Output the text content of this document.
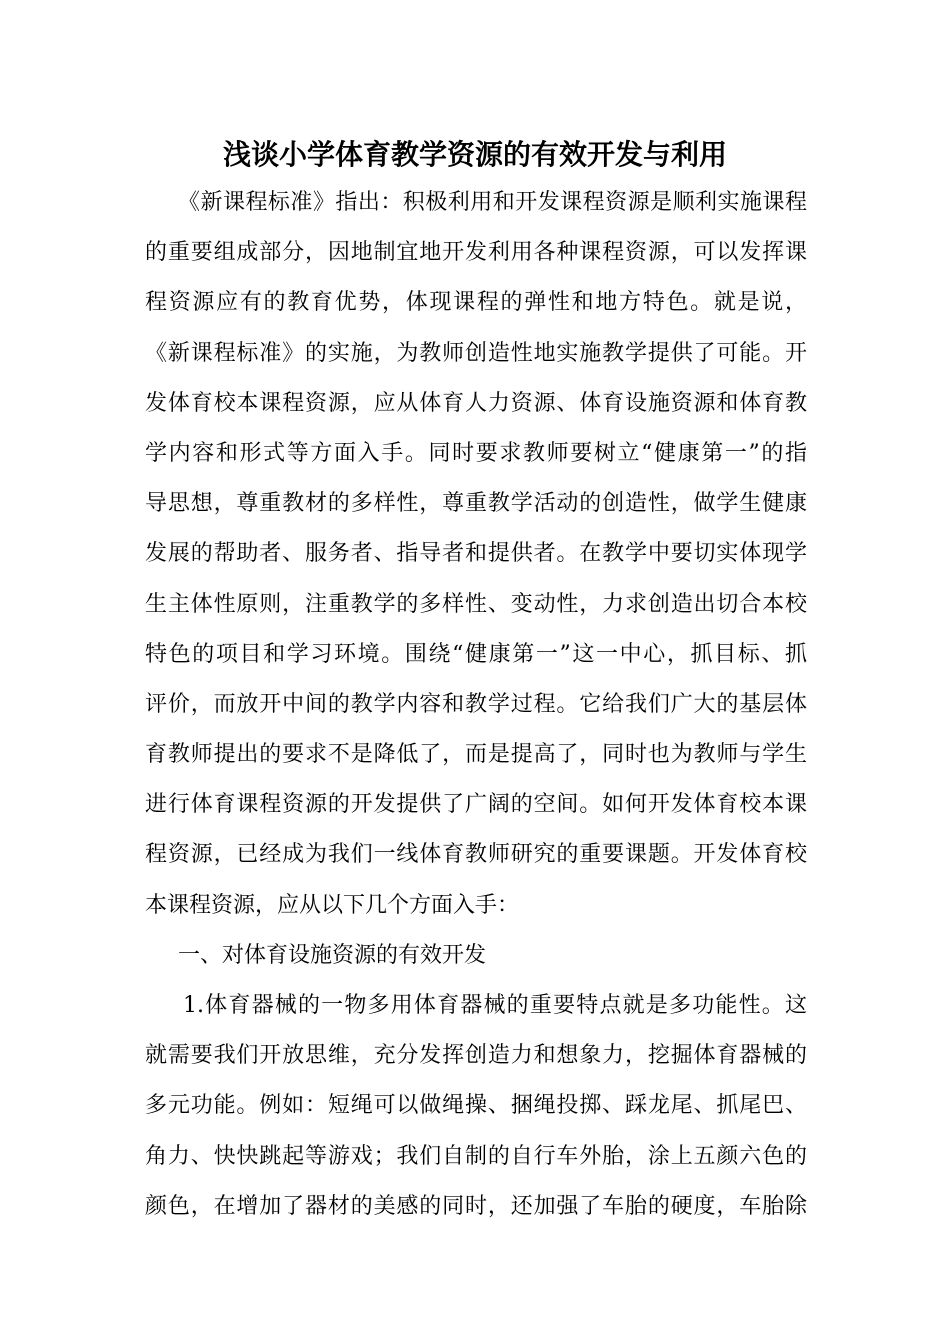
浅谈小学体育教学资源的有效开发与利用
《新课程标准》指出：积极利用和开发课程资源是顺利实施课程
的重要组成部分，因地制宜地开发利用各种课程资源，可以发挥课
程资源应有的教育优势，体现课程的弹性和地方特色。就是说，
《新课程标准》的实施，为教师创造性地实施教学提供了可能。开
发体育校本课程资源，应从体育人力资源、体育设施资源和体育教
学内容和形式等方面入手。同时要求教师要树立“健康第一”的指
导思想，尊重教材的多样性，尊重教学活动的创造性，做学生健康
发展的帮助者、服务者、指导者和提供者。在教学中要切实体现学
生主体性原则，注重教学的多样性、变动性，力求创造出切合本校
特色的项目和学习环境。围绕“健康第一”这一中心，抓目标、抓
评价，而放开中间的教学内容和教学过程。它给我们广大的基层体
育教师提出的要求不是降低了，而是提高了，同时也为教师与学生
进行体育课程资源的开发提供了广阔的空间。如何开发体育校本课
程资源，已经成为我们一线体育教师研究的重要课题。开发体育校
本课程资源，应从以下几个方面入手：
一、对体育设施资源的有效开发
1.体育器械的一物多用体育器械的重要特点就是多功能性。这
就需要我们开放思维，充分发挥创造力和想象力，挖掘体育器械的
多元功能。例如：短绳可以做绳操、捆绳投掷、踩龙尾、抓尾巴、
角力、快快跳起等游戏；我们自制的自行车外胎，涂上五颜六色的
颜色，在增加了器材的美感的同时，还加强了车胎的硬度，车胎除
